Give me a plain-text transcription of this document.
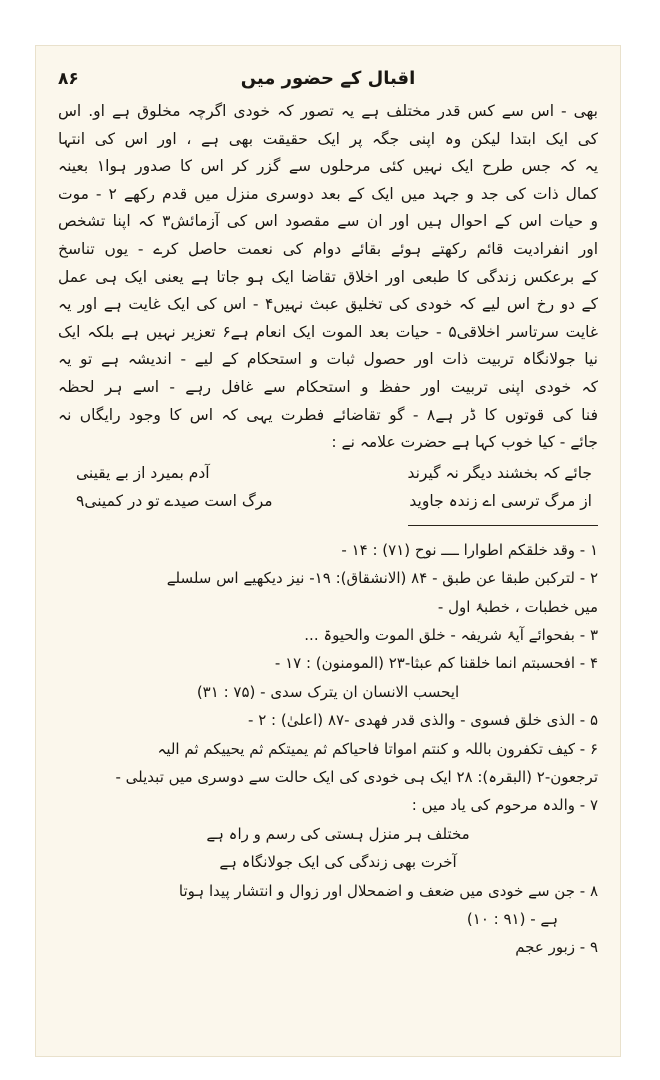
اقبال کے حضور میں
۸۶
بھی - اس سے کس قدر مختلف ہے یہ تصور کہ خودی اگرچہ مخلوق ہے او. اس
کی ایک ابتدا لیکن وہ اپنی جگہ پر ایک حقیقت بھی ہے ، اور اس کی انتہا
یہ کہ جس طرح ایک نہیں کئی مرحلوں سے گزر کر اس کا صدور ہوا۱ بعینہ
کمال ذات کی جد و جہد میں ایک کے بعد دوسری منزل میں قدم رکھے ۲ - موت
و حیات اس کے احوال ہیں اور ان سے مقصود اس کی آزمائش۳ کہ اپنا تشخص
اور انفرادیت قائم رکھتے ہوئے بقائے دوام کی نعمت حاصل کرے - یوں تناسخ
کے برعکس زندگی کا طبعی اور اخلاق تقاضا ایک ہو جاتا ہے یعنی ایک ہی عمل
کے دو رخ اس لیے کہ خودی کی تخلیق عبث نہیں۴ - اس کی ایک غایت ہے اور یہ
غایت سرتاسر اخلاقی۵ - حیات بعد الموت ایک انعام ہے۶ تعزیر نہیں ہے بلکہ ایک
نیا جولانگاہ تربیت ذات اور حصول ثبات و استحکام کے لیے - اندیشہ ہے تو یہ
کہ خودی اپنی تربیت اور حفظ و استحکام سے غافل رہے - اسے ہر لحظہ
فنا کی قوتوں کا ڈر ہے۸ - گو تقاضائے فطرت یہی کہ اس کا وجود رایگاں نہ
جائے - کیا خوب کہا ہے حضرت علامہ نے :
جائے کہ بخشند دیگر نہ گیرند
آدم بمیرد از بے یقینی
از مرگ ترسی اے زندہ جاوید
مرگ است صیدے تو در کمینی۹
۱ - وقد خلقکم اطوارا ــــ نوح (۷۱) : ۱۴ -
۲ - لترکبن طبقا عن طبق - ۸۴ (الانشقاق): ۱۹- نیز دیکھیے اس سلسلے
میں خطبات ، خطبۂ اول -
۳ - بفحوائے آیۂ شریفہ - خلق الموت والحیوۃ ...
۴ - افحسبتم انما خلقنا کم عبثا-۲۳ (المومنون) : ۱۷ -
ایحسب الانسان ان یترک سدی - (۷۵ : ۳۱)
۵ - الذی خلق فسوی - والذی قدر فھدی -۸۷ (اعلیٰ) : ۲ -
۶ - کیف تکفرون باللہ و کنتم امواتا فاحیاکم ثم یمیتکم ثم یحییکم ثم الیہ
ترجعون-۲ (البقرہ): ۲۸ ایک ہی خودی کی ایک حالت سے دوسری میں تبدیلی -
۷ - والدہ مرحوم کی یاد میں :
مختلف ہر منزل ہستی کی رسم و راہ ہے
آخرت بھی زندگی کی ایک جولانگاہ ہے
۸ - جن سے خودی میں ضعف و اضمحلال اور زوال و انتشار پیدا ہوتا
ہے - (۹۱ : ۱۰)
۹ - زبور عجم
